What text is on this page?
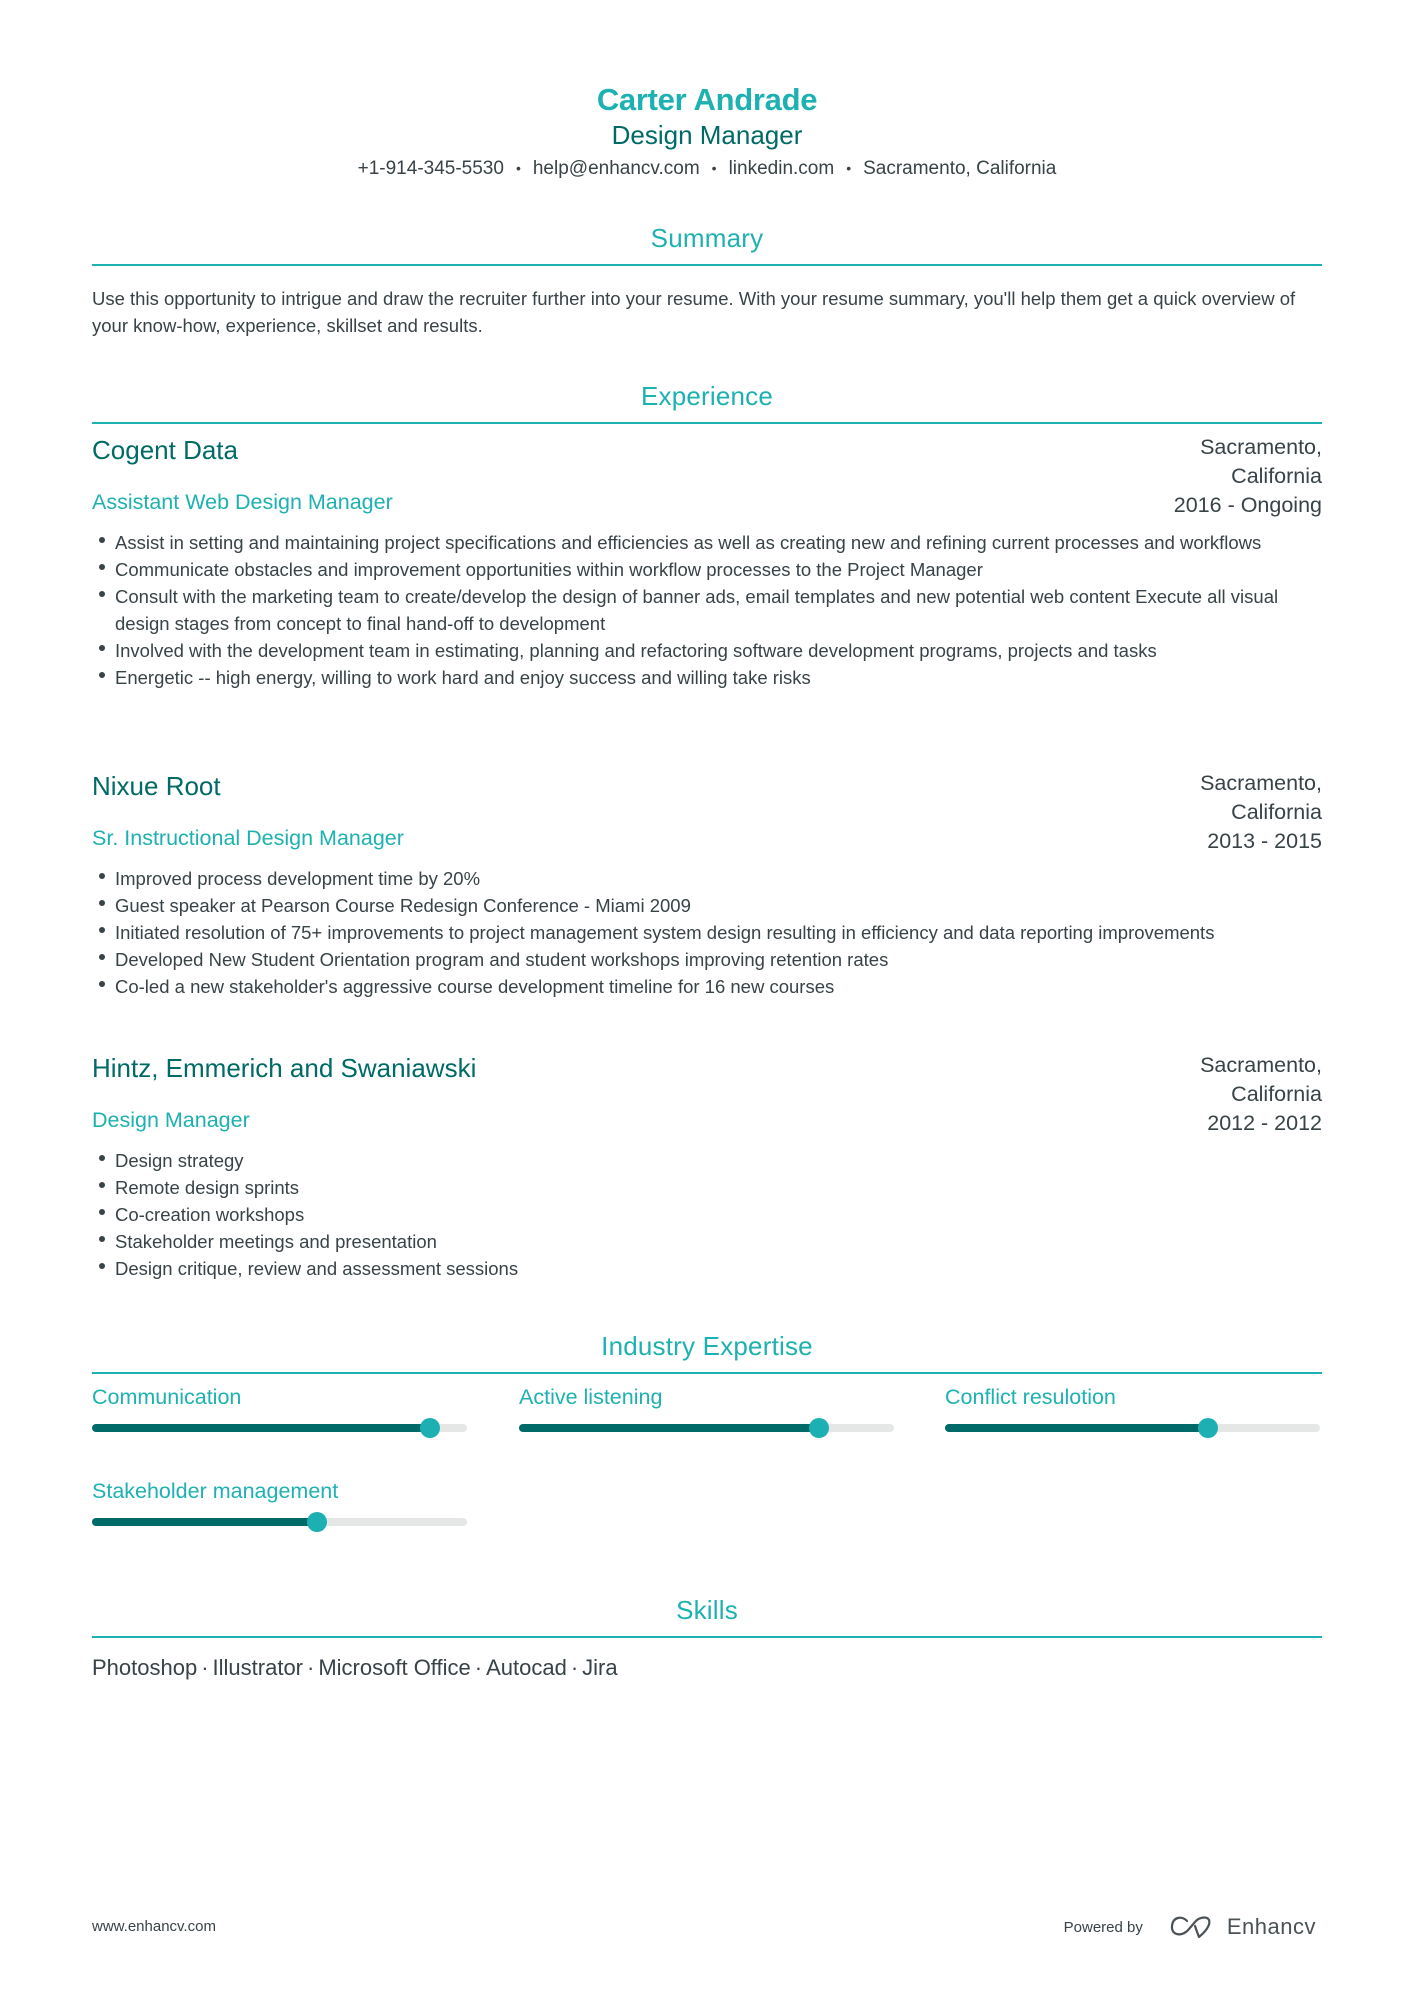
Carter Andrade
Design Manager
+1-914-345-5530 • help@enhancv.com • linkedin.com • Sacramento, California
Summary
Use this opportunity to intrigue and draw the recruiter further into your resume. With your resume summary, you'll help them get a quick overview of your know-how, experience, skillset and results.
Experience
Cogent Data
Assistant Web Design Manager
Sacramento, California
2016 - Ongoing
Assist in setting and maintaining project specifications and efficiencies as well as creating new and refining current processes and workflows
Communicate obstacles and improvement opportunities within workflow processes to the Project Manager
Consult with the marketing team to create/develop the design of banner ads, email templates and new potential web content Execute all visual design stages from concept to final hand-off to development
Involved with the development team in estimating, planning and refactoring software development programs, projects and tasks
Energetic -- high energy, willing to work hard and enjoy success and willing take risks
Nixue Root
Sr. Instructional Design Manager
Sacramento, California
2013 - 2015
Improved process development time by 20%
Guest speaker at Pearson Course Redesign Conference - Miami 2009
Initiated resolution of 75+ improvements to project management system design resulting in efficiency and data reporting improvements
Developed New Student Orientation program and student workshops improving retention rates
Co-led a new stakeholder's aggressive course development timeline for 16 new courses
Hintz, Emmerich and Swaniawski
Design Manager
Sacramento, California
2012 - 2012
Design strategy
Remote design sprints
Co-creation workshops
Stakeholder meetings and presentation
Design critique, review and assessment sessions
Industry Expertise
Communication	Active listening	Conflict resulotion
Stakeholder management
Skills
Photoshop · Illustrator · Microsoft Office · Autocad · Jira
www.enhancv.com	Powered by	Enhancv
